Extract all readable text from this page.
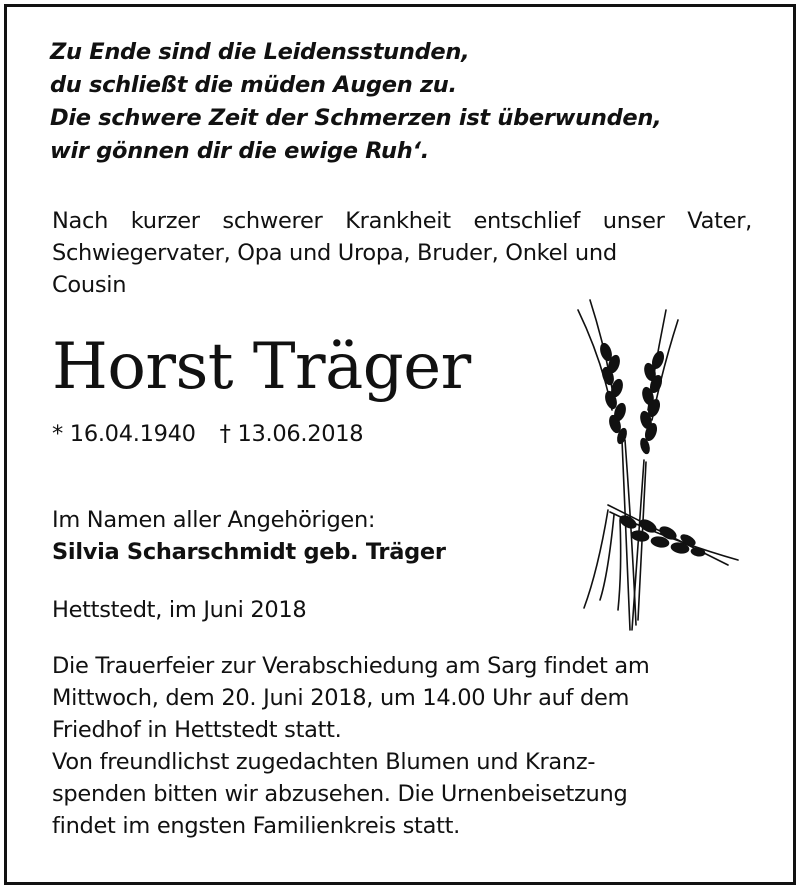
Zu Ende sind die Leidensstunden,
du schließt die müden Augen zu.
Die schwere Zeit der Schmerzen ist überwunden,
wir gönnen dir die ewige Ruh‘.
Nach kurzer schwerer Krankheit entschlief unser Vater,
Schwiegervater, Opa und Uropa, Bruder, Onkel und
Cousin
Horst Träger
* 16.04.1940 † 13.06.2018
Im Namen aller Angehörigen:
Silvia Scharschmidt geb. Träger
Hettstedt, im Juni 2018
Die Trauerfeier zur Verabschiedung am Sarg findet am
Mittwoch, dem 20. Juni 2018, um 14.00 Uhr auf dem
Friedhof in Hettstedt statt.
Von freundlichst zugedachten Blumen und Kranz-
spenden bitten wir abzusehen. Die Urnenbeisetzung
findet im engsten Familienkreis statt.
